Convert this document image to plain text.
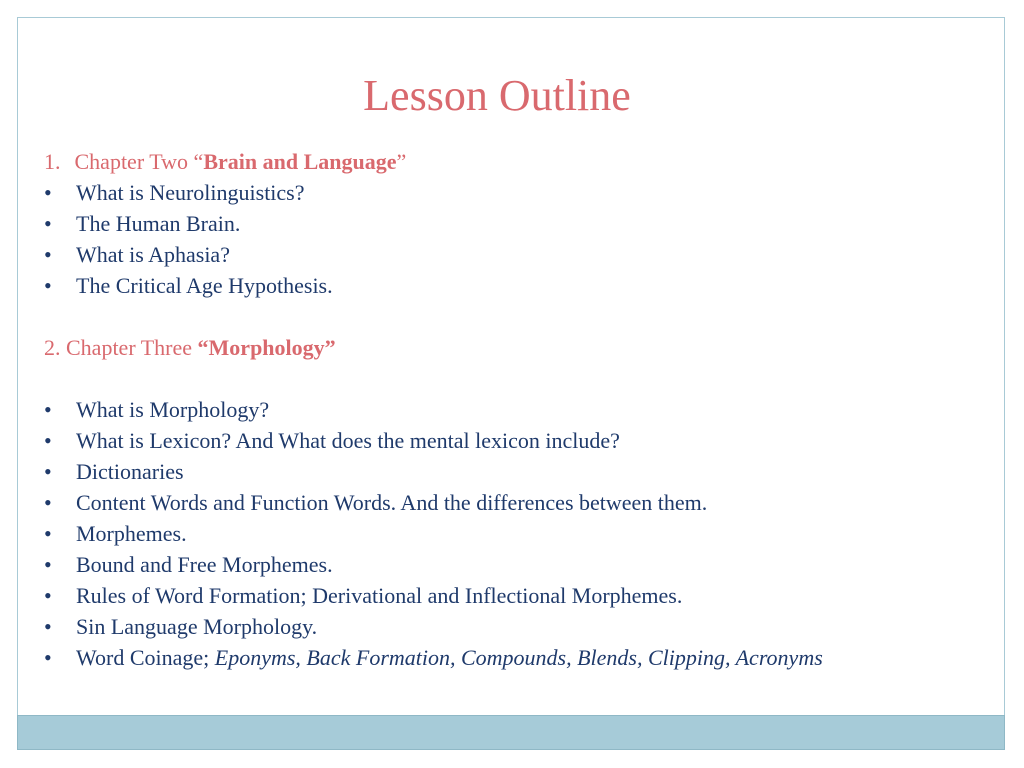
Lesson Outline
1. Chapter Two “Brain and Language”
•	What is Neurolinguistics?
•	The Human Brain.
•	What is Aphasia?
•	The Critical Age Hypothesis.
2. Chapter Three “Morphology”
•	What is Morphology?
•	What is Lexicon? And What does the mental lexicon include?
•	Dictionaries
•	Content Words and Function Words. And the differences between them.
•	Morphemes.
•	Bound and Free Morphemes.
•	Rules of Word Formation; Derivational and Inflectional Morphemes.
•	Sin Language Morphology.
•	Word Coinage; Eponyms, Back Formation, Compounds, Blends, Clipping, Acronyms
